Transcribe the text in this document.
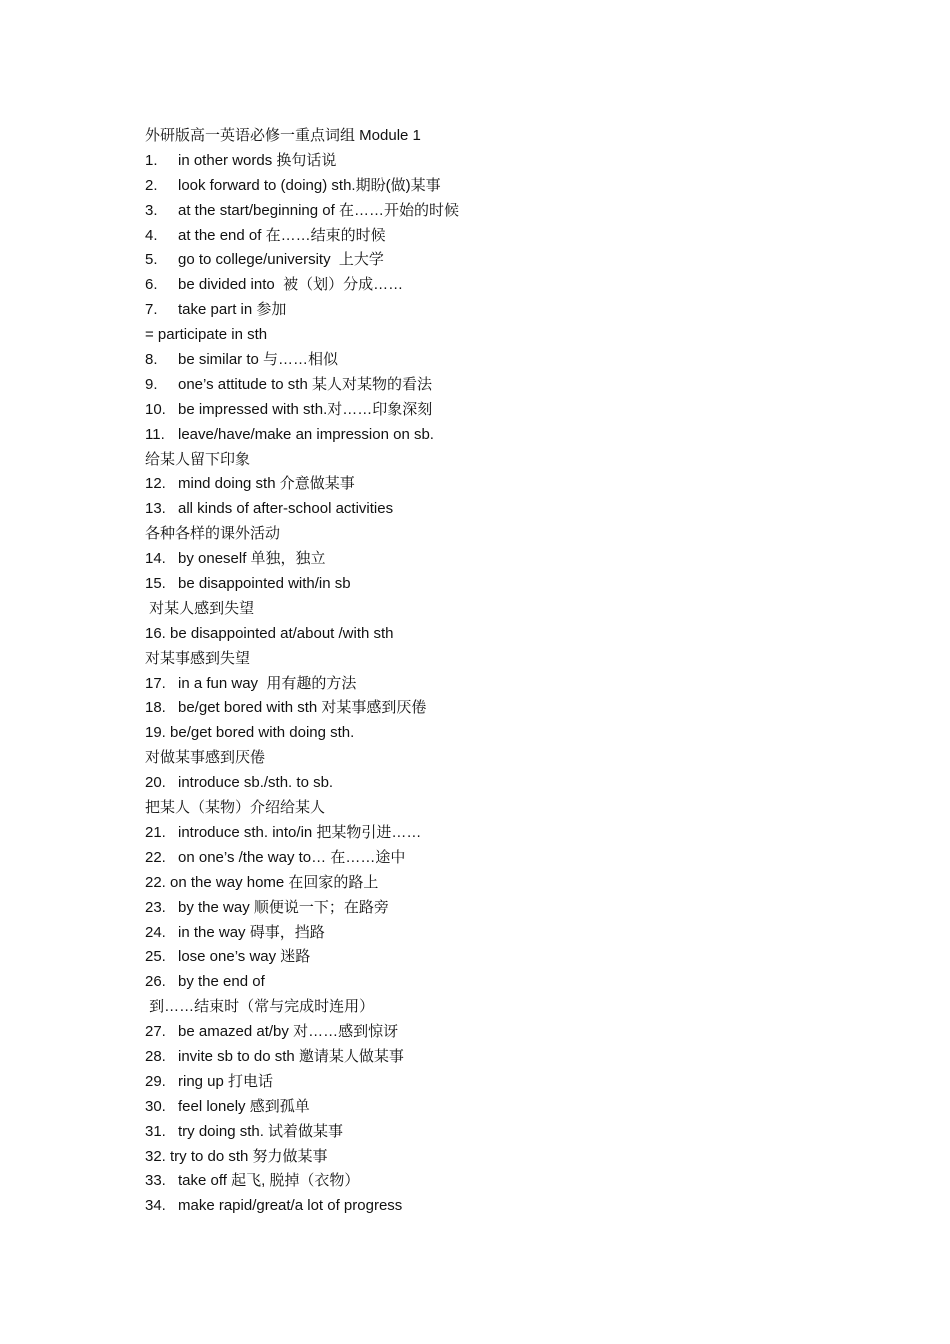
外研版高一英语必修一重点词组 Module 1
1. in other words 换句话说
2. look forward to (doing) sth.期盼(做)某事
3. at the start/beginning of 在……开始的时候
4. at the end of 在……结束的时候
5. go to college/university  上大学
6. be divided into  被（划）分成……
7. take part in 参加
= participate in sth
8. be similar to 与……相似
9. one’s attitude to sth 某人对某物的看法
10. be impressed with sth.对……印象深刻
11. leave/have/make an impression on sb.
给某人留下印象
12. mind doing sth 介意做某事
13. all kinds of after-school activities
各种各样的课外活动
14. by oneself 单独，独立
15. be disappointed with/in sb
对某人感到失望
16. be disappointed at/about /with sth
对某事感到失望
17. in a fun way  用有趣的方法
18. be/get bored with sth 对某事感到厌倦
19. be/get bored with doing sth.
对做某事感到厌倦
20. introduce sb./sth. to sb.
把某人（某物）介绍给某人
21. introduce sth. into/in 把某物引进……
22. on one’s /the way to… 在……途中
22. on the way home 在回家的路上
23. by the way 顺便说一下；在路旁
24. in the way 碍事，挡路
25. lose one’s way 迷路
26. by the end of
到……结束时（常与完成时连用）
27. be amazed at/by 对……感到惊讶
28. invite sb to do sth 邀请某人做某事
29. ring up 打电话
30. feel lonely 感到孤单
31. try doing sth. 试着做某事
32. try to do sth 努力做某事
33. take off 起飞, 脱掉（衣物）
34. make rapid/great/a lot of progress
